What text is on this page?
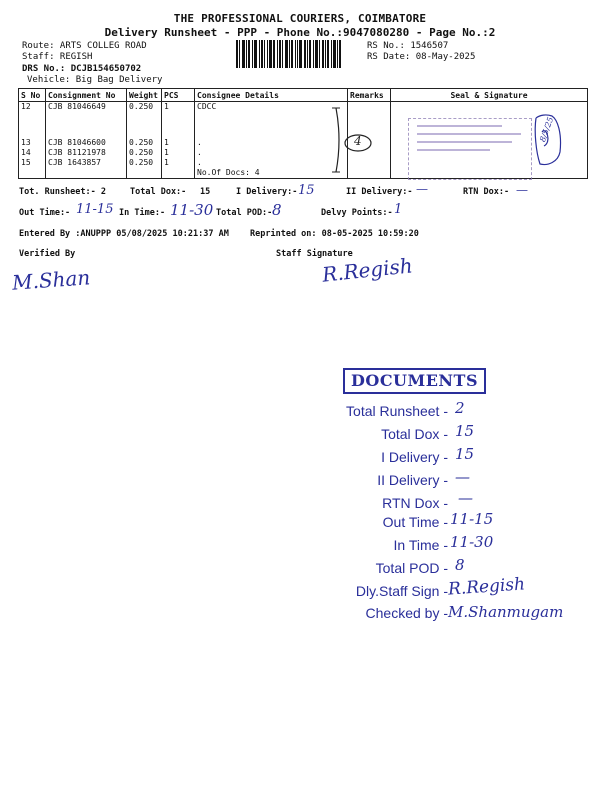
THE PROFESSIONAL COURIERS, COIMBATORE
Delivery Runsheet - PPP - Phone No.:9047080280 - Page No.:2
Route: ARTS COLLEG ROAD
Staff: REGISH
DRS No.: DCJB154650702
Vehicle: Big Bag Delivery
RS No.: 1546507
RS Date: 08-May-2025
S No	Consignment No	Weight	PCS	Consignee Details	Remarks	Seal & Signature
12	CJB 81046649	0.250	1	CDCC		

13	CJB 81046600	0.250	1	.		
14	CJB 81121978	0.250	1	.		
15	CJB 1643857	0.250	1	.		
				No.Of Docs: 4		
4	8/5/25
Tot. Runsheet:- 2	Total Dox:- 15	I Delivery:- 15	II Delivery:- —	RTN Dox:- —
Out Time:- 11-15 In Time:- 11-30 Total POD:- 8	Delvy Points:- 1
Entered By :ANUPPP 05/08/2025 10:21:37 AM Reprinted on: 08-05-2025 10:59:20
Verified By	Staff Signature
M.Shan	R.Regish
DOCUMENTS
Total Runsheet - 2
Total Dox - 15
I Delivery - 15
II Delivery - —
RTN Dox - —
Out Time - 11-15
In Time - 11-30
Total POD - 8
Dly.Staff Sign - R.Regish
Checked by - M.Shanmugam
